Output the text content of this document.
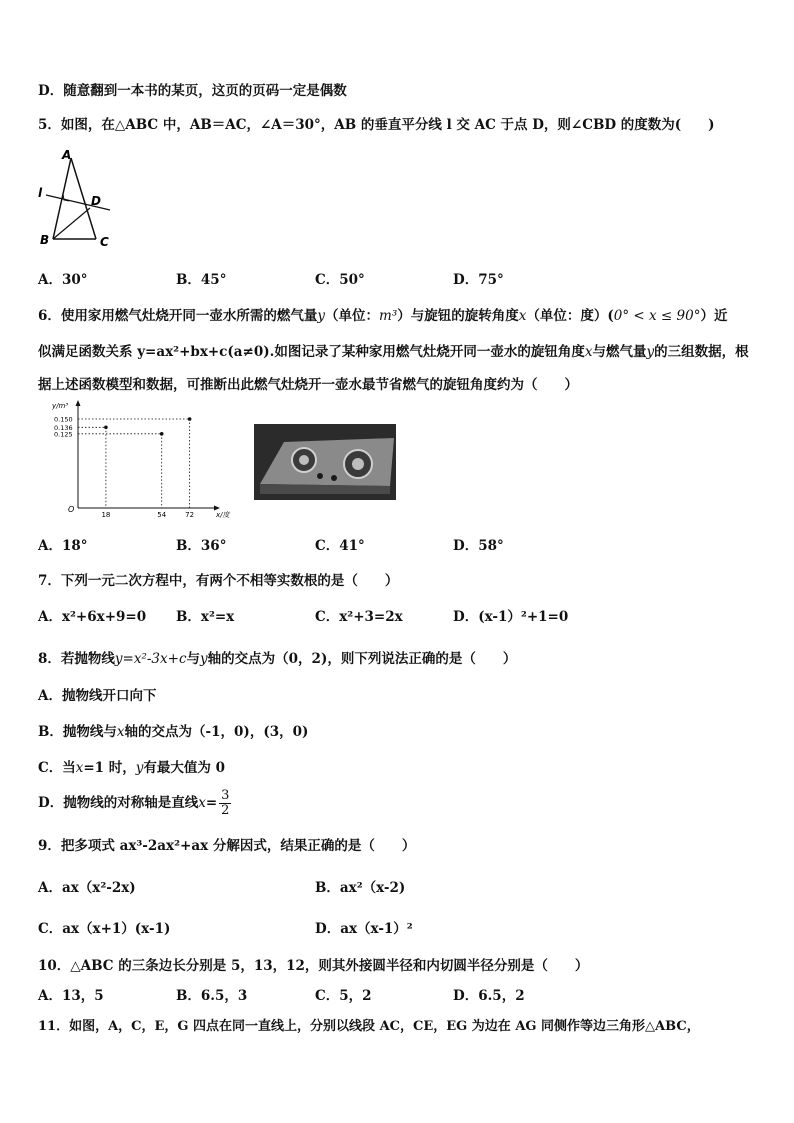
D．随意翻到一本书的某页，这页的页码一定是偶数
5．如图，在△ABC 中，AB＝AC，∠A＝30°，AB 的垂直平分线 l 交 AC 于点 D，则∠CBD 的度数为(　　)
A
l
D
B	C
A．30°	B．45°	C．50°	D．75°
6．使用家用燃气灶烧开同一壶水所需的燃气量y（单位：m³）与旋钮的旋转角度x（单位：度）(0° < x ≤ 90°）近
似满足函数关系 y=ax²+bx+c(a≠0).如图记录了某种家用燃气灶烧开同一壶水的旋钮角度x与燃气量y的三组数据，根
据上述函数模型和数据，可推断出此燃气灶烧开一壶水最节省燃气的旋钮角度约为（　　）
y/m³
x/度
O
18	54	72
0.150
0.136
0.125
A．18°	B．36°	C．41°	D．58°
7．下列一元二次方程中，有两个不相等实数根的是（　　）
A．x²+6x+9=0 B．x²=x	C．x²+3=2x	D．(x-1）²+1=0
8．若抛物线y=x²-3x+c与y轴的交点为（0，2)，则下列说法正确的是（　　）
A．抛物线开口向下
B．抛物线与x轴的交点为（-1，0)，(3，0)
C．当x=1 时，y有最大值为 0
D．抛物线的对称轴是直线$x= \frac{3}{2}$
9．把多项式 ax³-2ax²+ax 分解因式，结果正确的是（　　）
A．ax（x²-2x)	B．ax²（x-2)
C．ax（x+1）(x-1)	D．ax（x-1）²
10．△ABC 的三条边长分别是 5，13，12，则其外接圆半径和内切圆半径分别是（　　）
A．13，5	B．6.5，3	C．5，2	D．6.5，2
11．如图，A，C，E，G 四点在同一直线上，分别以线段 AC，CE，EG 为边在 AG 同侧作等边三角形△ABC，
